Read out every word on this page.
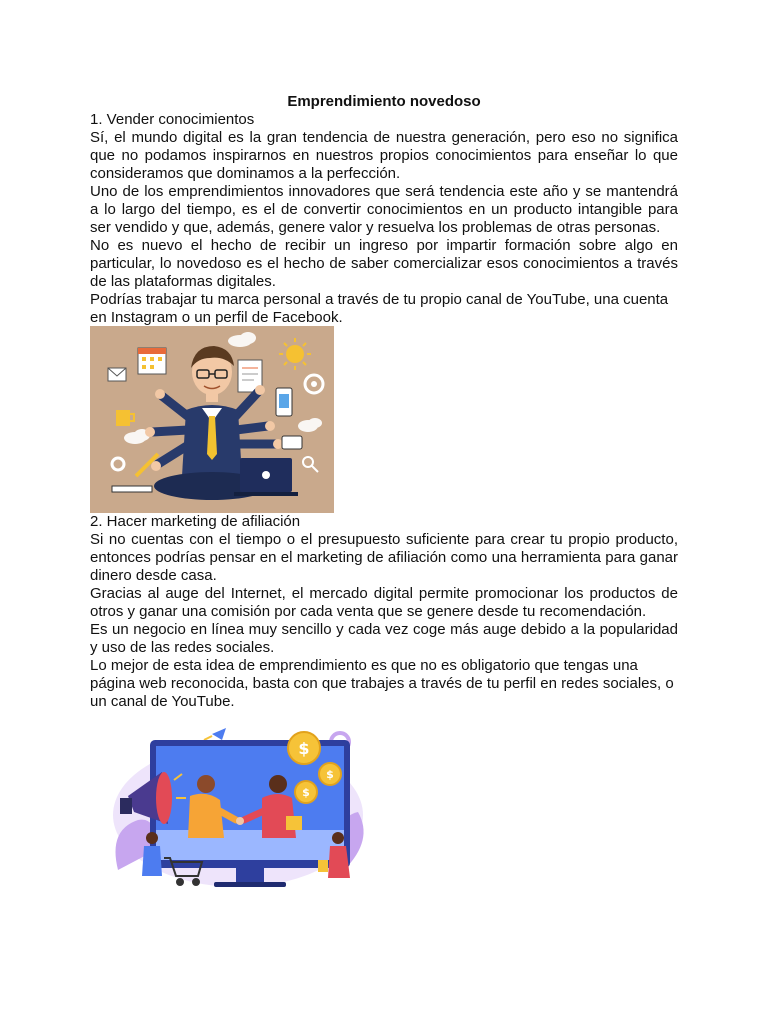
Emprendimiento novedoso
1. Vender conocimientos
Sí, el mundo digital es la gran tendencia de nuestra generación, pero eso no significa que no podamos inspirarnos en nuestros propios conocimientos para enseñar lo que consideramos que dominamos a la perfección.
Uno de los emprendimientos innovadores que será tendencia este año y se mantendrá a lo largo del tiempo, es el de convertir conocimientos en un producto intangible para ser vendido y que, además, genere valor y resuelva los problemas de otras personas.
No es nuevo el hecho de recibir un ingreso por impartir formación sobre algo en particular, lo novedoso es el hecho de saber comercializar esos conocimientos a través de las plataformas digitales.
Podrías trabajar tu marca personal a través de tu propio canal de YouTube, una cuenta en Instagram o un perfil de Facebook.
2. Hacer marketing de afiliación
Si no cuentas con el tiempo o el presupuesto suficiente para crear tu propio producto, entonces podrías pensar en el marketing de afiliación como una herramienta para ganar dinero desde casa.
Gracias al auge del Internet, el mercado digital permite promocionar los productos de otros y ganar una comisión por cada venta que se genere desde tu recomendación.
Es un negocio en línea muy sencillo y cada vez coge más auge debido a la popularidad y uso de las redes sociales.
Lo mejor de esta idea de emprendimiento es que no es obligatorio que tengas una página web reconocida, basta con que trabajes a través de tu perfil en redes sociales, o un canal de YouTube.
$
$
$
